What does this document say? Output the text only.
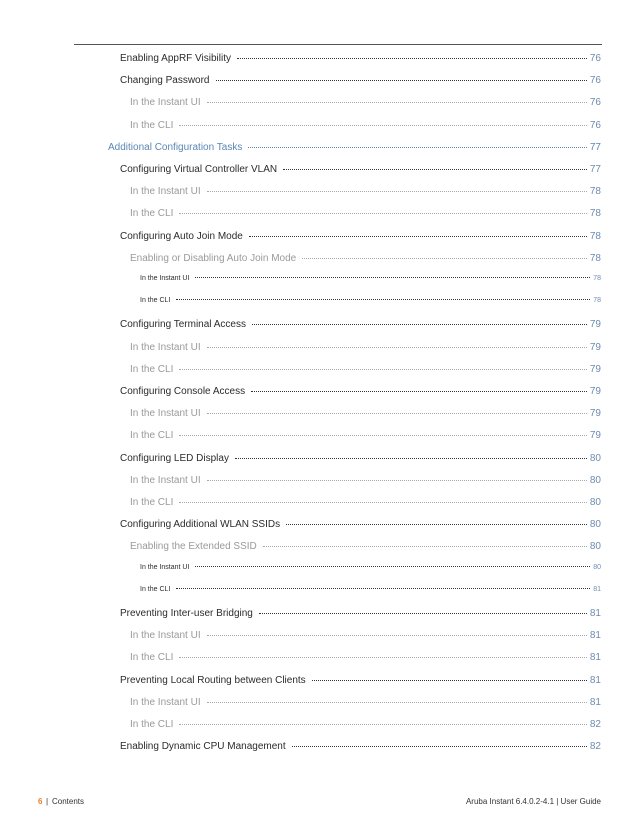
Enabling AppRF Visibility	76
Changing Password	76
In the Instant UI	76
In the CLI	76
Additional Configuration Tasks	77
Configuring Virtual Controller VLAN	77
In the Instant UI	78
In the CLI	78
Configuring Auto Join Mode	78
Enabling or Disabling Auto Join Mode	78
In the Instant UI	78
In the CLI	78
Configuring Terminal Access	79
In the Instant UI	79
In the CLI	79
Configuring Console Access	79
In the Instant UI	79
In the CLI	79
Configuring LED Display	80
In the Instant UI	80
In the CLI	80
Configuring Additional WLAN SSIDs	80
Enabling the Extended SSID	80
In the Instant UI	80
In the CLI	81
Preventing Inter-user Bridging	81
In the Instant UI	81
In the CLI	81
Preventing Local Routing between Clients	81
In the Instant UI	81
In the CLI	82
Enabling Dynamic CPU Management	82
6 | Contents	Aruba Instant 6.4.0.2-4.1 | User Guide
